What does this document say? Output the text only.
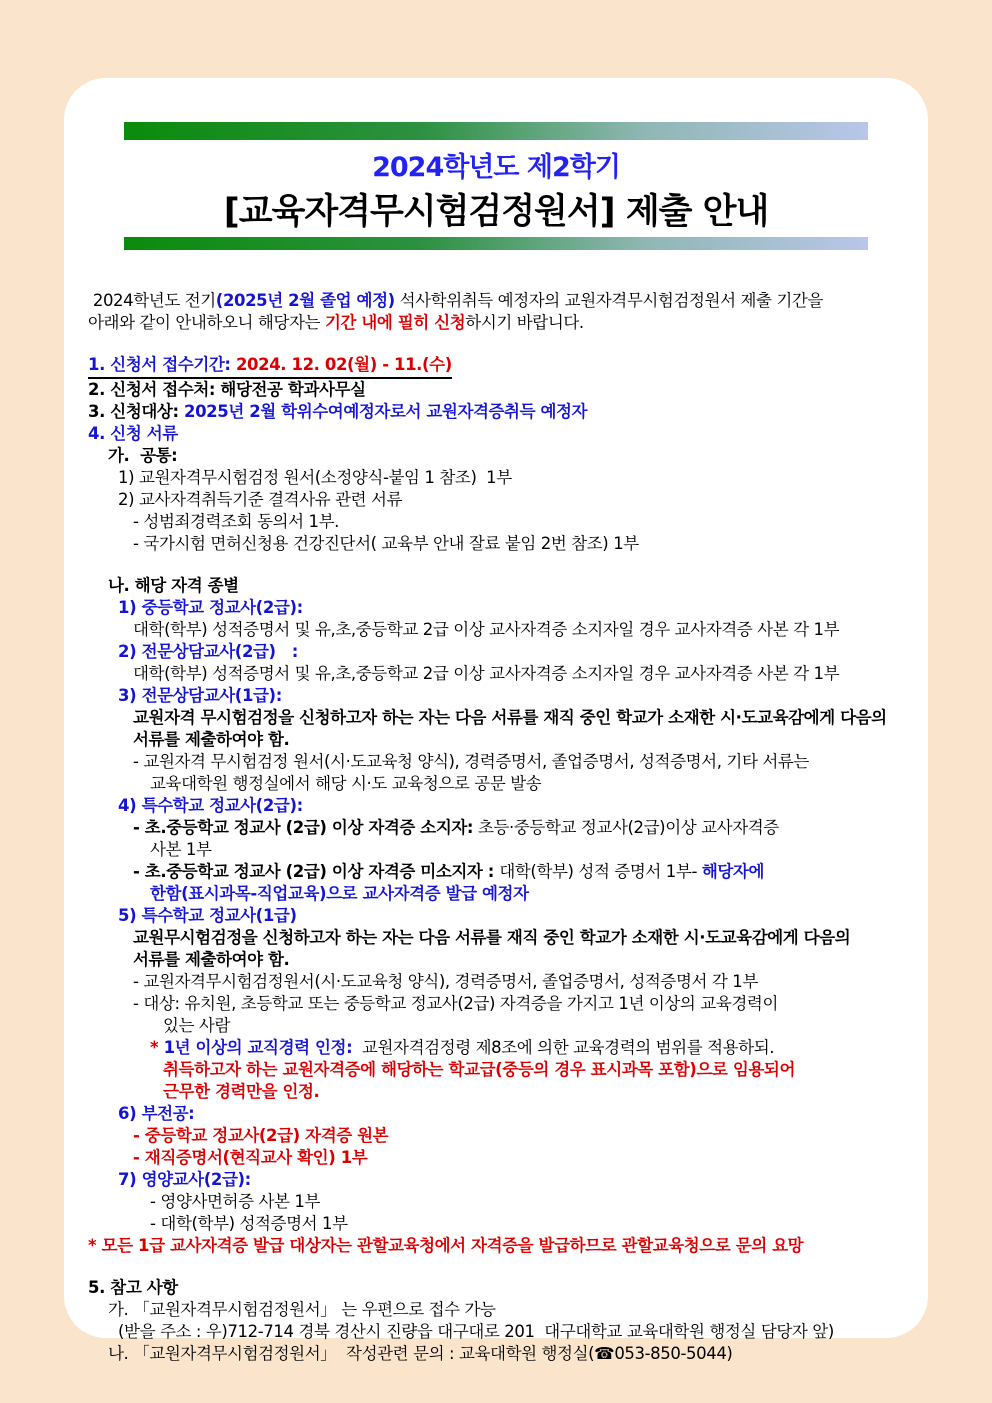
2024학년도 제2학기
[교육자격무시험검정원서] 제출 안내
2024학년도 전기(2025년 2월 졸업 예정) 석사학위취득 예정자의 교원자격무시험검정원서 제출 기간을
아래와 같이 안내하오니 해당자는 기간 내에 필히 신청하시기 바랍니다.
1. 신청서 접수기간: 2024. 12. 02(월) - 11.(수)
2. 신청서 접수처: 해당전공 학과사무실
3. 신청대상: 2025년 2월 학위수여예정자로서 교원자격증취득 예정자
4. 신청 서류
가.  공통:
1) 교원자격무시험검정 원서(소정양식-붙임 1 참조)  1부
2) 교사자격취득기준 결격사유 관련 서류
- 성범죄경력조회 동의서 1부.
- 국가시험 면허신청용 건강진단서( 교육부 안내 잘료 붙임 2번 참조) 1부
나. 해당 자격 종별
1) 중등학교 정교사(2급):
대학(학부) 성적증명서 및 유,초,중등학교 2급 이상 교사자격증 소지자일 경우 교사자격증 사본 각 1부
2) 전문상담교사(2급)   :
대학(학부) 성적증명서 및 유,초,중등학교 2급 이상 교사자격증 소지자일 경우 교사자격증 사본 각 1부
3) 전문상담교사(1급):
교원자격 무시험검정을 신청하고자 하는 자는 다음 서류를 재직 중인 학교가 소재한 시·도교육감에게 다음의
서류를 제출하여야 함.
- 교원자격 무시험검정 원서(시·도교육청 양식), 경력증명서, 졸업증명서, 성적증명서, 기타 서류는
교육대학원 행정실에서 해당 시·도 교육청으로 공문 발송
4) 특수학교 정교사(2급):
- 초.중등학교 정교사 (2급) 이상 자격증 소지자: 초등·중등학교 정교사(2급)이상 교사자격증
사본 1부
- 초.중등학교 정교사 (2급) 이상 자격증 미소지자 : 대학(학부) 성적 증명서 1부- 해당자에
한함(표시과목-직업교육)으로 교사자격증 발급 예정자
5) 특수학교 정교사(1급)
교원무시험검정을 신청하고자 하는 자는 다음 서류를 재직 중인 학교가 소재한 시·도교육감에게 다음의
서류를 제출하여야 함.
- 교원자격무시험검정원서(시·도교육청 양식), 경력증명서, 졸업증명서, 성적증명서 각 1부
- 대상: 유치원, 초등학교 또는 중등학교 정교사(2급) 자격증을 가지고 1년 이상의 교육경력이
있는 사람
* 1년 이상의 교직경력 인정:  교원자격검정령 제8조에 의한 교육경력의 범위를 적용하되.
취득하고자 하는 교원자격증에 해당하는 학교급(중등의 경우 표시과목 포함)으로 임용되어
근무한 경력만을 인정.
6) 부전공:
- 중등학교 정교사(2급) 자격증 원본
- 재직증명서(현직교사 확인) 1부
7) 영양교사(2급):
- 영양사면허증 사본 1부
- 대학(학부) 성적증명서 1부
* 모든 1급 교사자격증 발급 대상자는 관할교육청에서 자격증을 발급하므로 관할교육청으로 문의 요망
5. 참고 사항
가. 「교원자격무시험검정원서」 는 우편으로 접수 가능
(받을 주소 : 우)712-714 경북 경산시 진량읍 대구대로 201  대구대학교 교육대학원 행정실 담당자 앞)
나. 「교원자격무시험검정원서」  작성관련 문의 : 교육대학원 행정실(☎053-850-5044)
